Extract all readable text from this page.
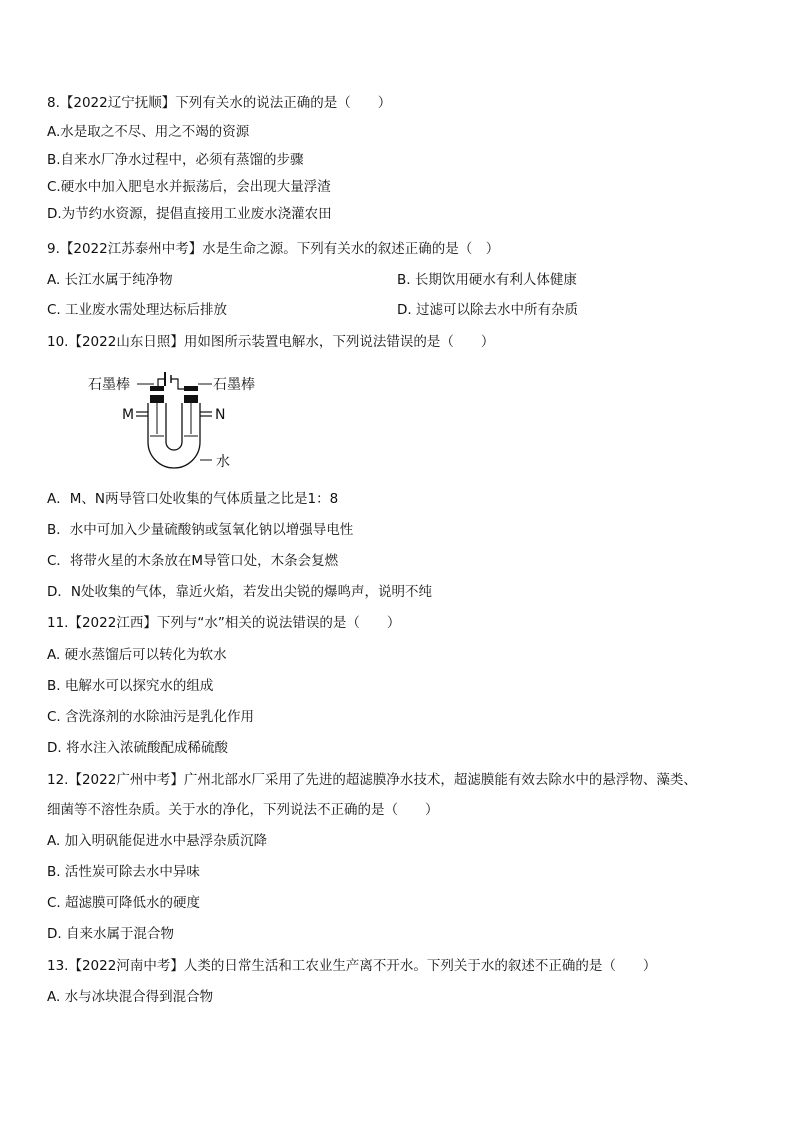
8.【2022辽宁抚顺】下列有关水的说法正确的是（　　）
A.水是取之不尽、用之不竭的资源
B.自来水厂净水过程中，必须有蒸馏的步骤
C.硬水中加入肥皂水并振荡后，会出现大量浮渣
D.为节约水资源，提倡直接用工业废水浇灌农田
9.【2022江苏泰州中考】水是生命之源。下列有关水的叙述正确的是（　）
A. 长江水属于纯净物	B. 长期饮用硬水有利人体健康
C. 工业废水需处理达标后排放	D. 过滤可以除去水中所有杂质
10.【2022山东日照】用如图所示装置电解水，下列说法错误的是（　　）
石墨棒	石墨棒
M	N
水
A．M、N两导管口处收集的气体质量之比是1：8
B．水中可加入少量硫酸钠或氢氧化钠以增强导电性
C．将带火星的木条放在M导管口处，木条会复燃
D．N处收集的气体，靠近火焰，若发出尖锐的爆鸣声，说明不纯
11.【2022江西】下列与“水”相关的说法错误的是（　　）
A. 硬水蒸馏后可以转化为软水
B. 电解水可以探究水的组成
C. 含洗涤剂的水除油污是乳化作用
D. 将水注入浓硫酸配成稀硫酸
12.【2022广州中考】广州北部水厂采用了先进的超滤膜净水技术，超滤膜能有效去除水中的悬浮物、藻类、
细菌等不溶性杂质。关于水的净化，下列说法不正确的是（　　）
A. 加入明矾能促进水中悬浮杂质沉降
B. 活性炭可除去水中异味
C. 超滤膜可降低水的硬度
D. 自来水属于混合物
13.【2022河南中考】人类的日常生活和工农业生产离不开水。下列关于水的叙述不正确的是（　　）
A. 水与冰块混合得到混合物
